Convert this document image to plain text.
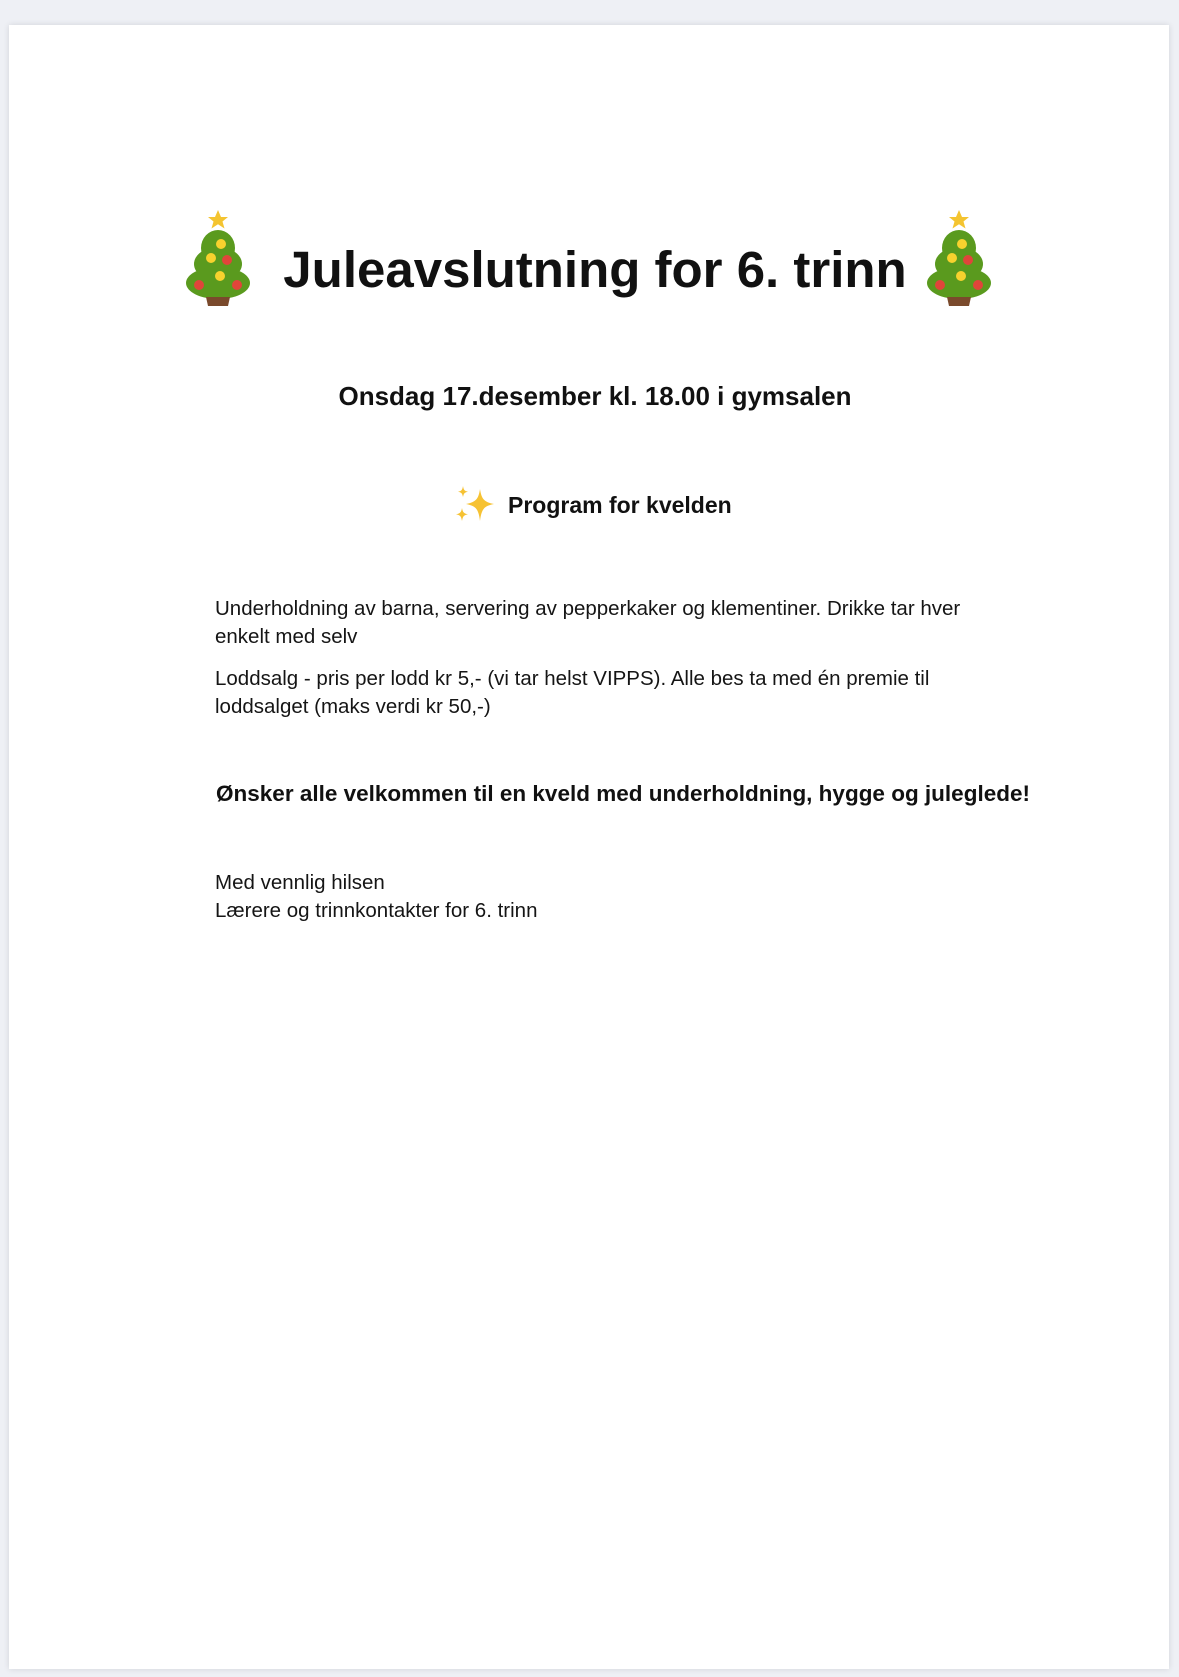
Juleavslutning for 6. trinn
Onsdag 17.desember kl. 18.00 i gymsalen
Program for kvelden
Underholdning av barna, servering av pepperkaker og klementiner. Drikke tar hver enkelt med selv
Loddsalg - pris per lodd kr 5,- (vi tar helst VIPPS). Alle bes ta med én premie til loddsalget (maks verdi kr 50,-)
Ønsker alle velkommen til en kveld med underholdning, hygge og juleglede!
Med vennlig hilsen
Lærere og trinnkontakter for 6. trinn
